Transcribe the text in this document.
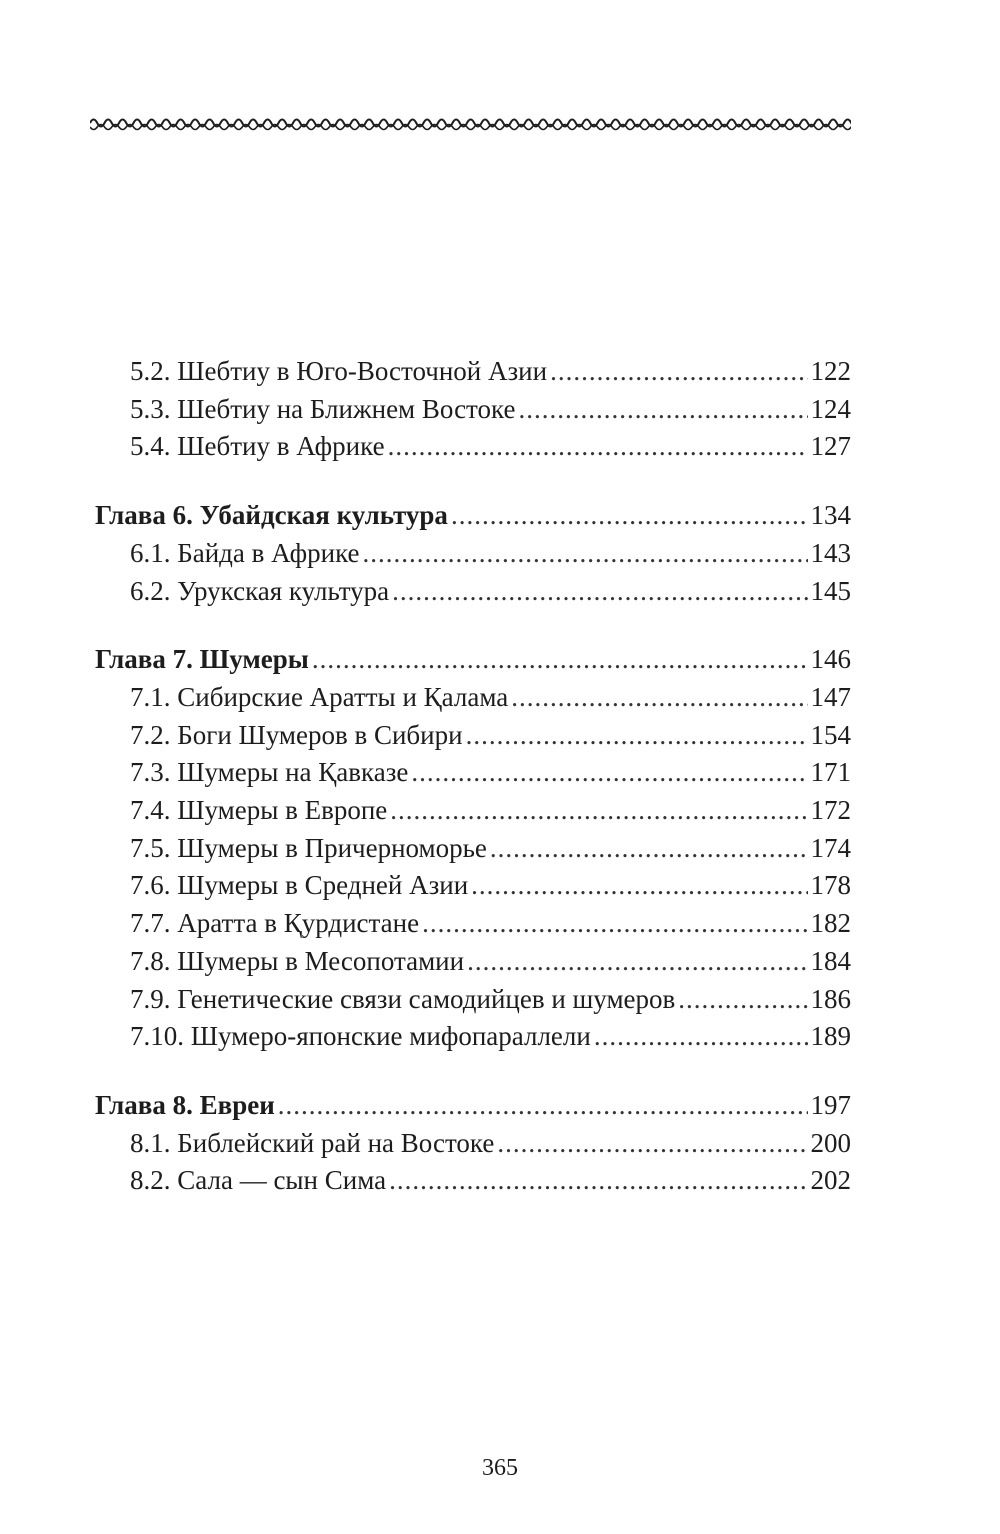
5.2. Шебтиу в Юго-Восточной Азии .....	122
5.3. Шебтиу на Ближнем Востоке .....	124
5.4. Шебтиу в Африке .....	127
Глава 6. Убайдская культура .....	134
6.1. Байда в Африке .....	143
6.2. Урукская культура .....	145
Глава 7. Шумеры .....	146
7.1. Сибирские Аратты и Қалама .....	147
7.2. Боги Шумеров в Сибири .....	154
7.3. Шумеры на Қавказе .....	171
7.4. Шумеры в Европе .....	172
7.5. Шумеры в Причерноморье .....	174
7.6. Шумеры в Средней Азии .....	178
7.7. Аратта в Қурдистане .....	182
7.8. Шумеры в Месопотамии .....	184
7.9. Генетические связи самодийцев и шумеров .....	186
7.10. Шумеро-японские мифопараллели .....	189
Глава 8. Евреи .....	197
8.1. Библейский рай на Востоке .....	200
8.2. Сала — сын Сима .....	202
365
